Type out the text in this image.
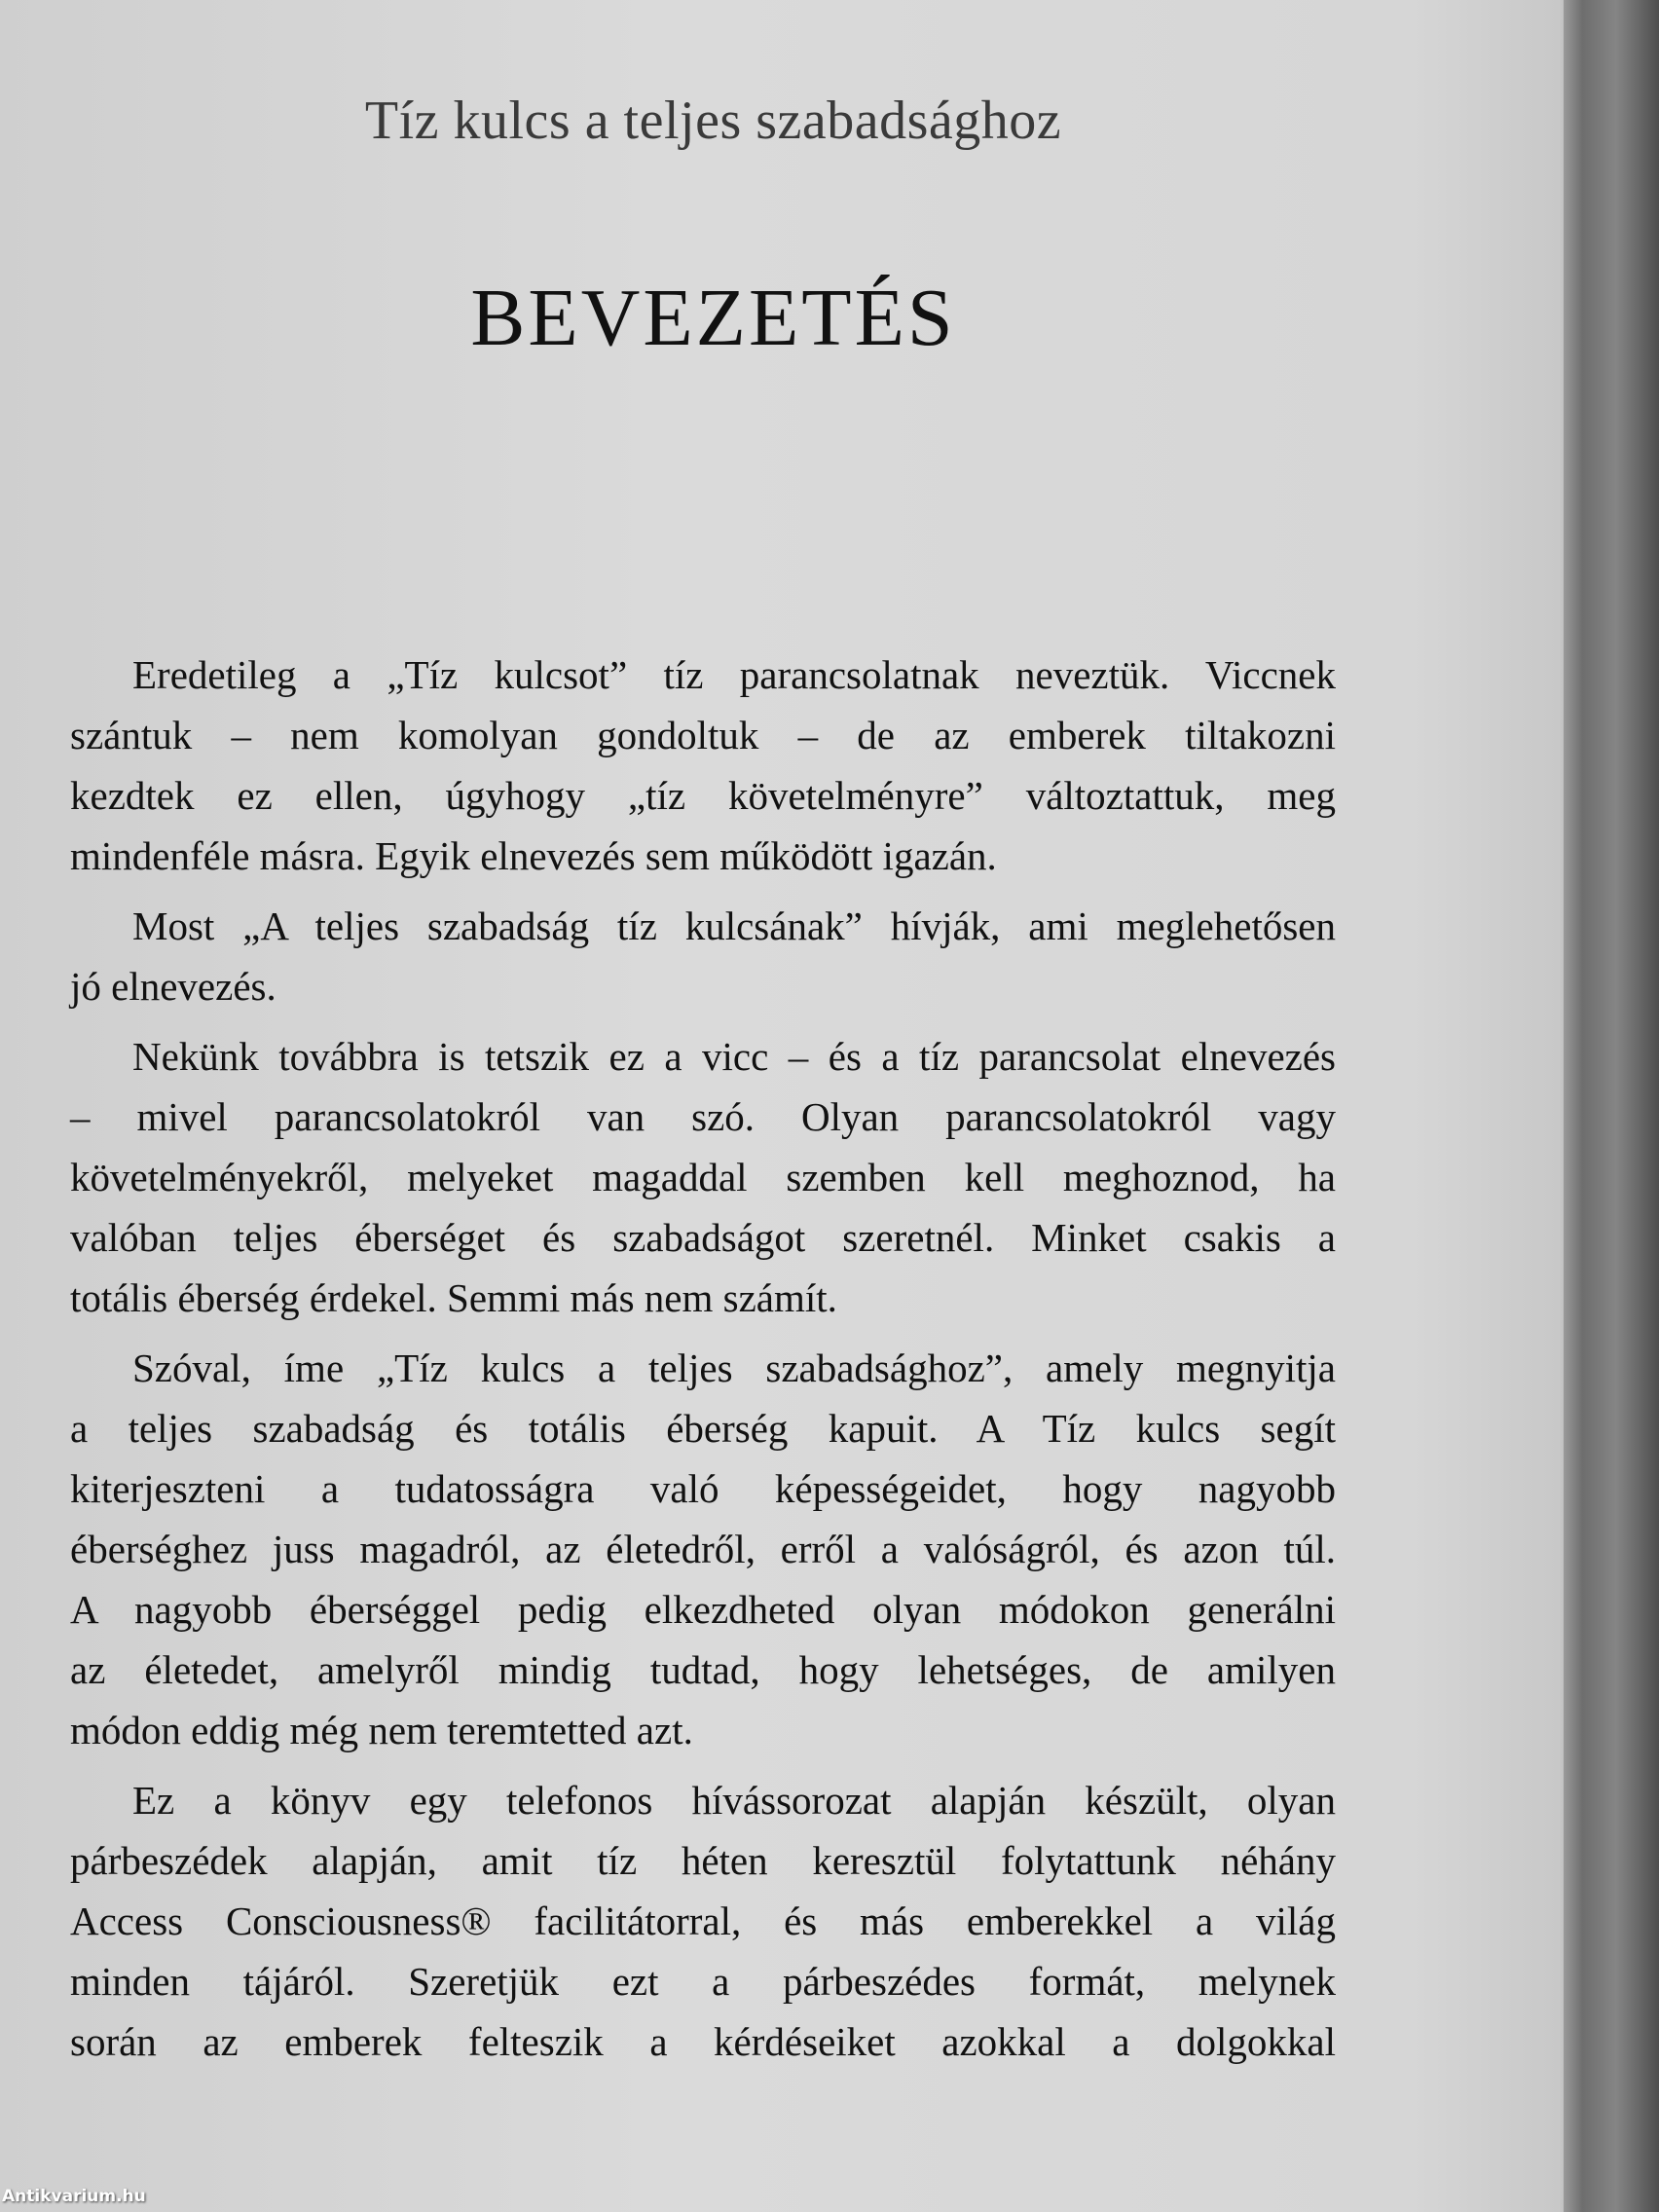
Tíz kulcs a teljes szabadsághoz
BEVEZETÉS
Eredetileg a „Tíz kulcsot” tíz parancsolatnak neveztük. Viccnek
szántuk – nem komolyan gondoltuk – de az emberek tiltakozni
kezdtek ez ellen, úgyhogy „tíz követelményre” változtattuk, meg
mindenféle másra. Egyik elnevezés sem működött igazán.
Most „A teljes szabadság tíz kulcsának” hívják, ami meglehetősen
jó elnevezés.
Nekünk továbbra is tetszik ez a vicc – és a tíz parancsolat elnevezés
– mivel parancsolatokról van szó. Olyan parancsolatokról vagy
követelményekről, melyeket magaddal szemben kell meghoznod, ha
valóban teljes éberséget és szabadságot szeretnél. Minket csakis a
totális éberség érdekel. Semmi más nem számít.
Szóval, íme „Tíz kulcs a teljes szabadsághoz”, amely megnyitja
a teljes szabadság és totális éberség kapuit. A Tíz kulcs segít
kiterjeszteni a tudatosságra való képességeidet, hogy nagyobb
éberséghez juss magadról, az életedről, erről a valóságról, és azon túl.
A nagyobb éberséggel pedig elkezdheted olyan módokon generálni
az életedet, amelyről mindig tudtad, hogy lehetséges, de amilyen
módon eddig még nem teremtetted azt.
Ez a könyv egy telefonos hívássorozat alapján készült, olyan
párbeszédek alapján, amit tíz héten keresztül folytattunk néhány
Access Consciousness® facilitátorral, és más emberekkel a világ
minden tájáról. Szeretjük ezt a párbeszédes formát, melynek
során az emberek felteszik a kérdéseiket azokkal a dolgokkal
Antikvarium.hu
